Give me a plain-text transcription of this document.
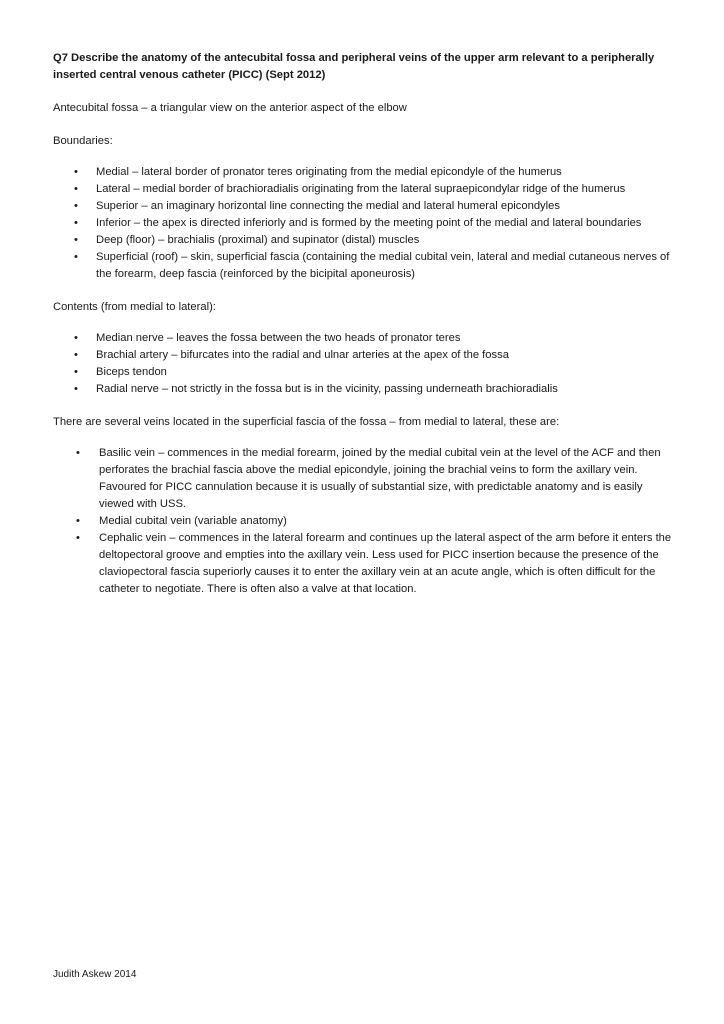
Q7 Describe the anatomy of the antecubital fossa and peripheral veins of the upper arm relevant to a peripherally inserted central venous catheter (PICC) (Sept 2012)

Antecubital fossa – a triangular view on the anterior aspect of the elbow

Boundaries:

• Medial – lateral border of pronator teres originating from the medial epicondyle of the humerus
• Lateral – medial border of brachioradialis originating from the lateral supraepicondylar ridge of the humerus
• Superior – an imaginary horizontal line connecting the medial and lateral humeral epicondyles
• Inferior – the apex is directed inferiorly and is formed by the meeting point of the medial and lateral boundaries
• Deep (floor) – brachialis (proximal) and supinator (distal) muscles
• Superficial (roof) – skin, superficial fascia (containing the medial cubital vein, lateral and medial cutaneous nerves of the forearm, deep fascia (reinforced by the bicipital aponeurosis)

Contents (from medial to lateral):

• Median nerve – leaves the fossa between the two heads of pronator teres
• Brachial artery – bifurcates into the radial and ulnar arteries at the apex of the fossa
• Biceps tendon
• Radial nerve – not strictly in the fossa but is in the vicinity, passing underneath brachioradialis

There are several veins located in the superficial fascia of the fossa – from medial to lateral, these are:

• Basilic vein – commences in the medial forearm, joined by the medial cubital vein at the level of the ACF and then perforates the brachial fascia above the medial epicondyle, joining the brachial veins to form the axillary vein. Favoured for PICC cannulation because it is usually of substantial size, with predictable anatomy and is easily viewed with USS.
• Medial cubital vein (variable anatomy)
• Cephalic vein – commences in the lateral forearm and continues up the lateral aspect of the arm before it enters the deltopectoral groove and empties into the axillary vein. Less used for PICC insertion because the presence of the claviopectoral fascia superiorly causes it to enter the axillary vein at an acute angle, which is often difficult for the catheter to negotiate. There is often also a valve at that location.
Judith Askew 2014
